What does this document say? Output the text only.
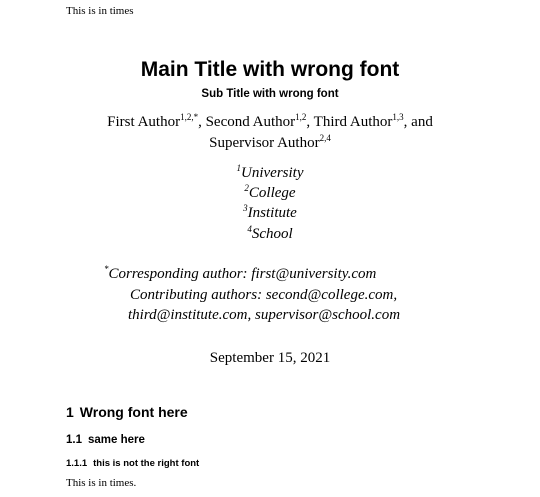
This is in times
Main Title with wrong font
Sub Title with wrong font
First Author$^{1,2,*}$, Second Author$^{1,2}$, Third Author$^{1,3}$, and
Supervisor Author$^{2,4}$
$^1$University
$^2$College
$^3$Institute
$^4$School
*Corresponding author: first@university.com
Contributing authors: second@college.com,
third@institute.com, supervisor@school.com
September 15, 2021
1 Wrong font here
1.1 same here
1.1.1 this is not the right font
This is in times.
